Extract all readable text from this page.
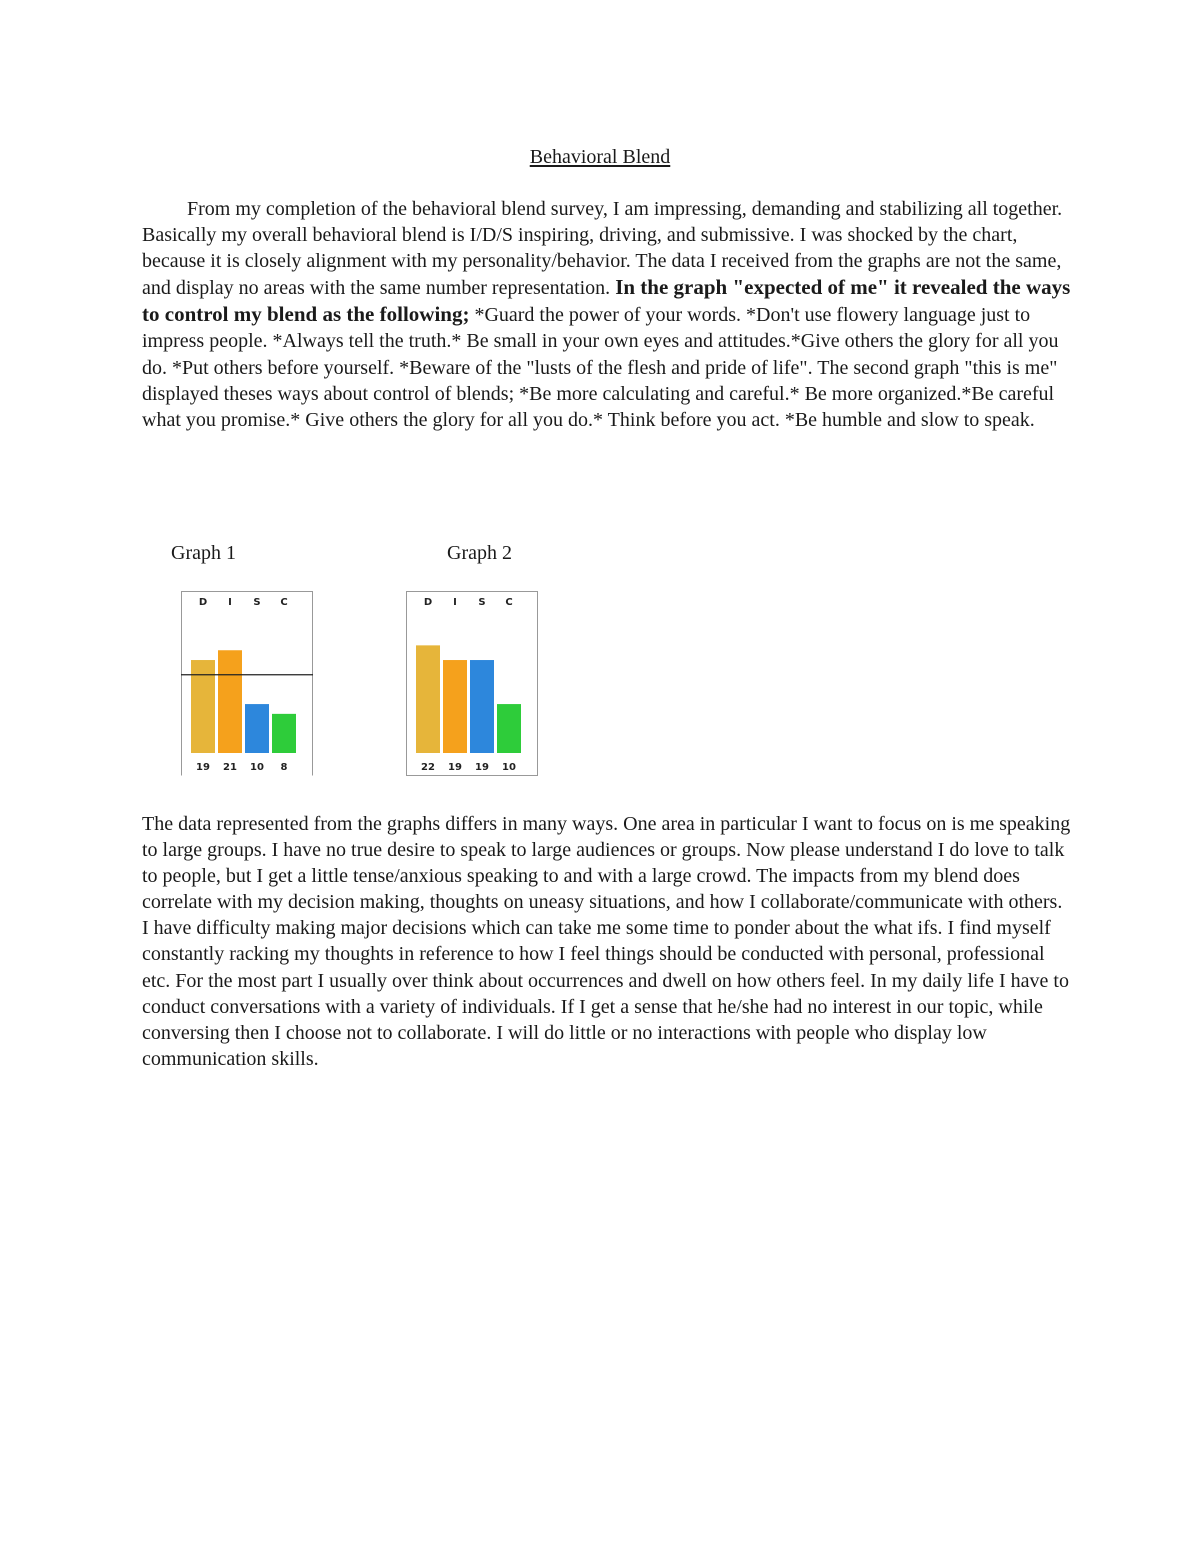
Behavioral Blend

From my completion of the behavioral blend survey, I am impressing, demanding and stabilizing all together. Basically my overall behavioral blend is I/D/S inspiring, driving, and submissive. I was shocked by the chart, because it is closely alignment with my personality/behavior. The data I received from the graphs are not the same, and display no areas with the same number representation. In the graph "expected of me" it revealed the ways to control my blend as the following; *Guard the power of your words. *Don't use flowery language just to impress people. *Always tell the truth.* Be small in your own eyes and attitudes.*Give others the glory for all you do. *Put others before yourself. *Beware of the "lusts of the flesh and pride of life". The second graph "this is me" displayed theses ways about control of blends; *Be more calculating and careful.* Be more organized.*Be careful what you promise.* Give others the glory for all you do.* Think before you act. *Be humble and slow to speak.

Graph 1	Graph 2
D
19
I
21
S
10
C
8
D
22
I
19
S
19
C
10

The data represented from the graphs differs in many ways. One area in particular I want to focus on is me speaking to large groups. I have no true desire to speak to large audiences or groups. Now please understand I do love to talk to people, but I get a little tense/anxious speaking to and with a large crowd. The impacts from my blend does correlate with my decision making, thoughts on uneasy situations, and how I collaborate/communicate with others. I have difficulty making major decisions which can take me some time to ponder about the what ifs. I find myself constantly racking my thoughts in reference to how I feel things should be conducted with personal, professional etc. For the most part I usually over think about occurrences and dwell on how others feel. In my daily life I have to conduct conversations with a variety of individuals. If I get a sense that he/she had no interest in our topic, while conversing then I choose not to collaborate. I will do little or no interactions with people who display low communication skills.
